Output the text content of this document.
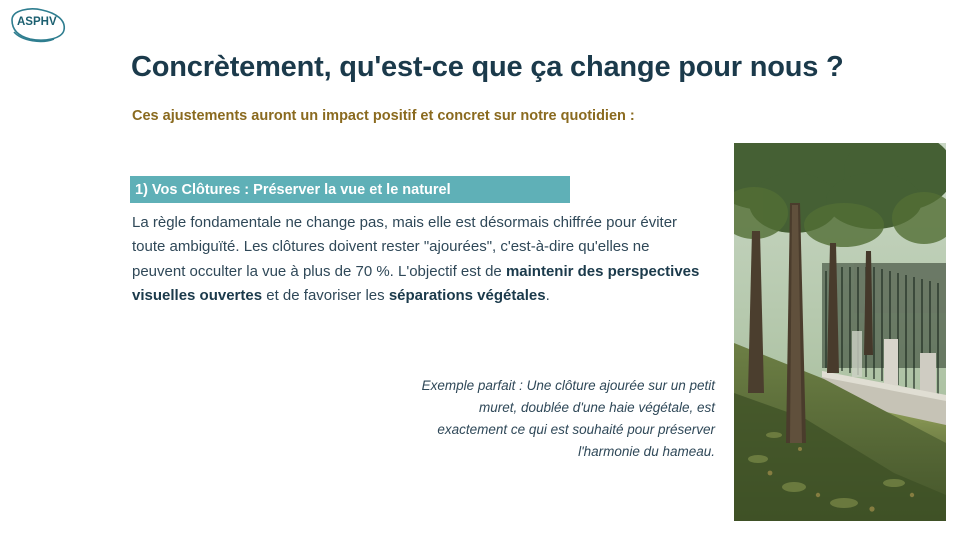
ASPHV
Concrètement, qu'est-ce que ça change pour nous ?
Ces ajustements auront un impact positif et concret sur notre quotidien :
1) Vos Clôtures : Préserver la vue et le naturel
La règle fondamentale ne change pas, mais elle est désormais chiffrée pour éviter toute ambiguïté. Les clôtures doivent rester "ajourées", c'est-à-dire qu'elles ne peuvent occulter la vue à plus de 70 %. L'objectif est de maintenir des perspectives visuelles ouvertes et de favoriser les séparations végétales.
Exemple parfait : Une clôture ajourée sur un petit muret, doublée d'une haie végétale, est exactement ce qui est souhaité pour préserver l'harmonie du hameau.
